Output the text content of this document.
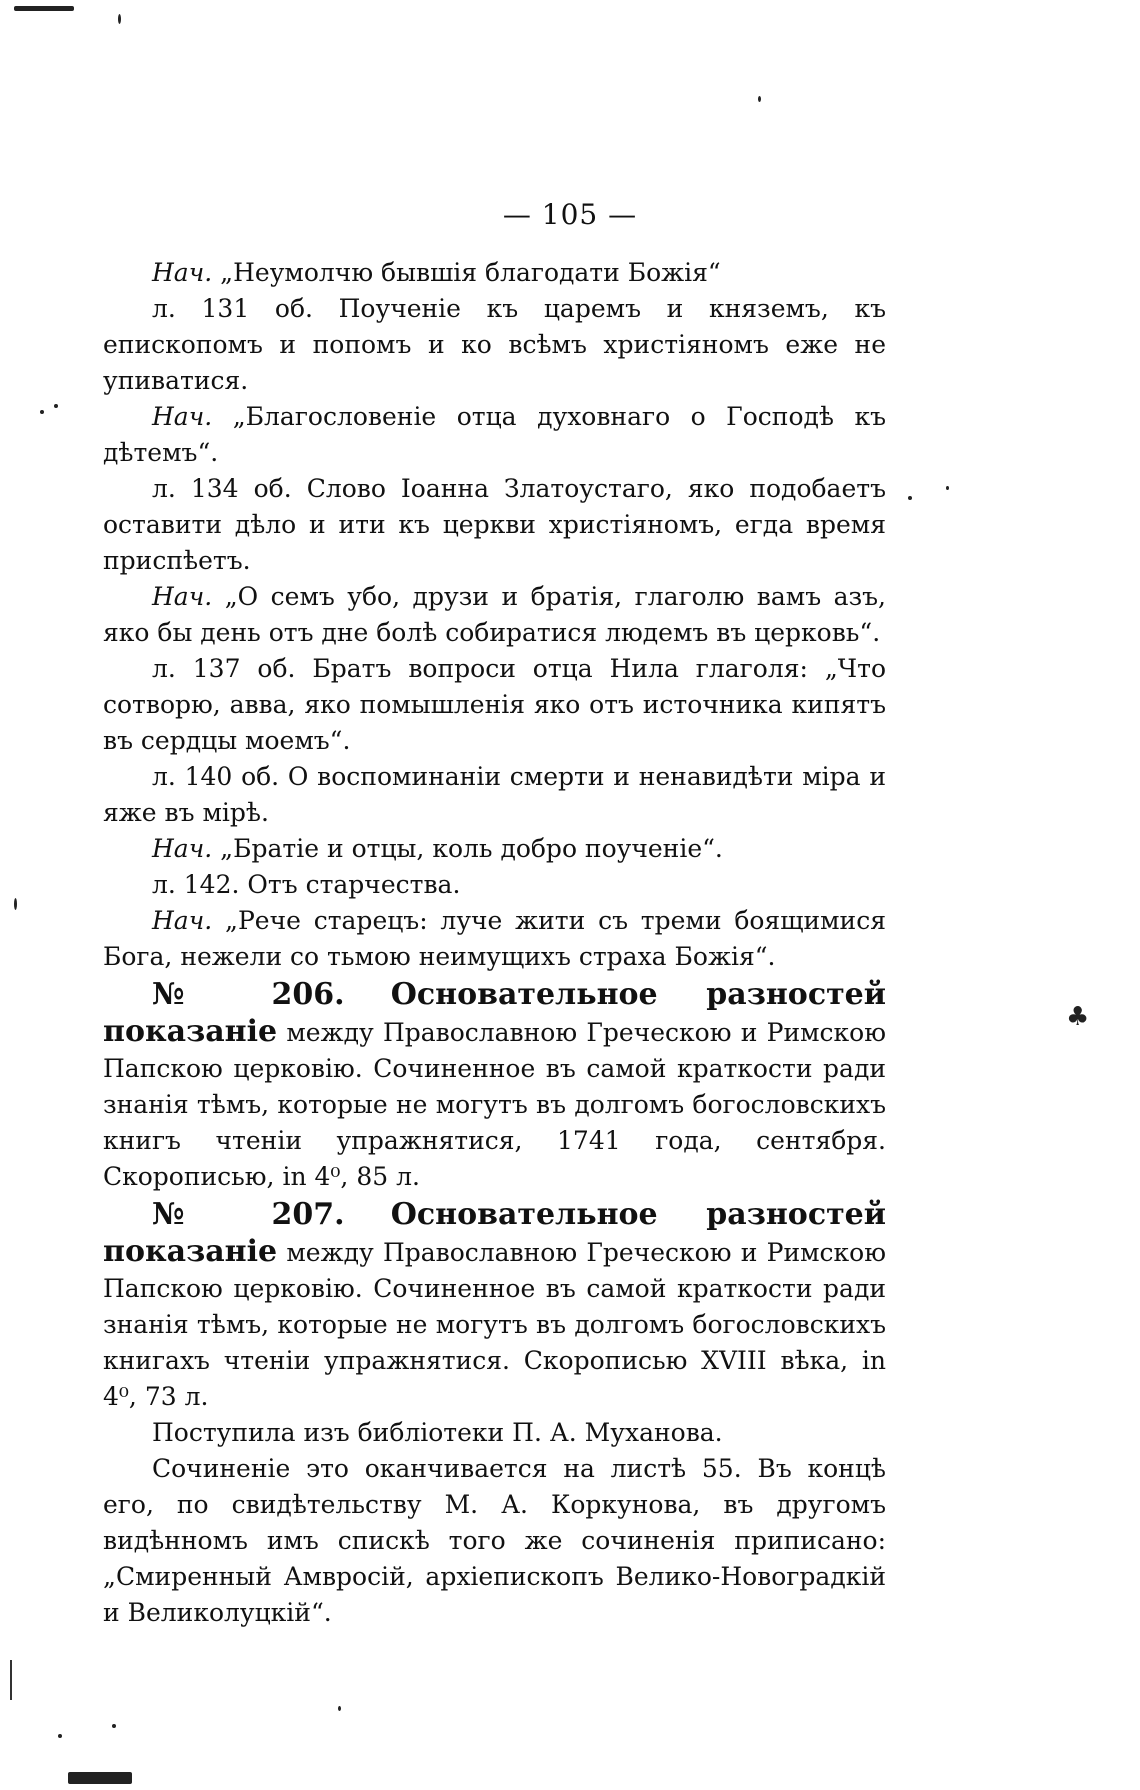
— 105 —

Нач. „Неумолчю бывшія благодати Божія“

л. 131 об. Поученіе къ царемъ и княземъ, къ епископомъ и попомъ и ко всѣмъ христіяномъ еже не упиватися.

Нач. „Благословеніе отца духовнаго о Господѣ къ дѣтемъ“.

л. 134 об. Слово Іоанна Златоустаго, яко подобаетъ оставити дѣло и ити къ церкви христіяномъ, егда время приспѣетъ.

Нач. „О семъ убо, друзи и братія, глаголю вамъ азъ, яко бы день отъ дне болѣ собиратися людемъ въ церковь“.

л. 137 об. Братъ вопроси отца Нила глаголя: „Что сотворю, авва, яко помышленія яко отъ источника кипятъ въ сердцы моемъ“.

л. 140 об. О воспоминаніи смерти и ненавидѣти міра и яже въ мірѣ.

Нач. „Братіе и отцы, коль добро поученіе“.

л. 142. Отъ старчества.

Нач. „Рече старецъ: луче жити съ треми боящимися Бога, нежели со тьмою неимущихъ страха Божія“.

№ 206. Основательное разностей показаніе между Православною Греческою и Римскою Папскою церковію. Сочиненное въ самой краткости ради знанія тѣмъ, которые не могутъ въ долгомъ богословскихъ книгъ чтеніи упражнятися, 1741 года, сентября. Скорописью, in 4⁰, 85 л.

№ 207. Основательное разностей показаніе между Православною Греческою и Римскою Папскою церковію. Сочиненное въ самой краткости ради знанія тѣмъ, которые не могутъ въ долгомъ богословскихъ книгахъ чтеніи упражнятися. Скорописью XVIII вѣка, in 4⁰, 73 л.

Поступила изъ библіотеки П. А. Муханова.

Сочиненіе это оканчивается на листѣ 55. Въ концѣ его, по свидѣтельству М. А. Коркунова, въ другомъ видѣнномъ имъ спискѣ того же сочиненія приписано: „Смиренный Амвросій, архіепископъ Велико-Новоградкій и Великолуцкій“.

♣
